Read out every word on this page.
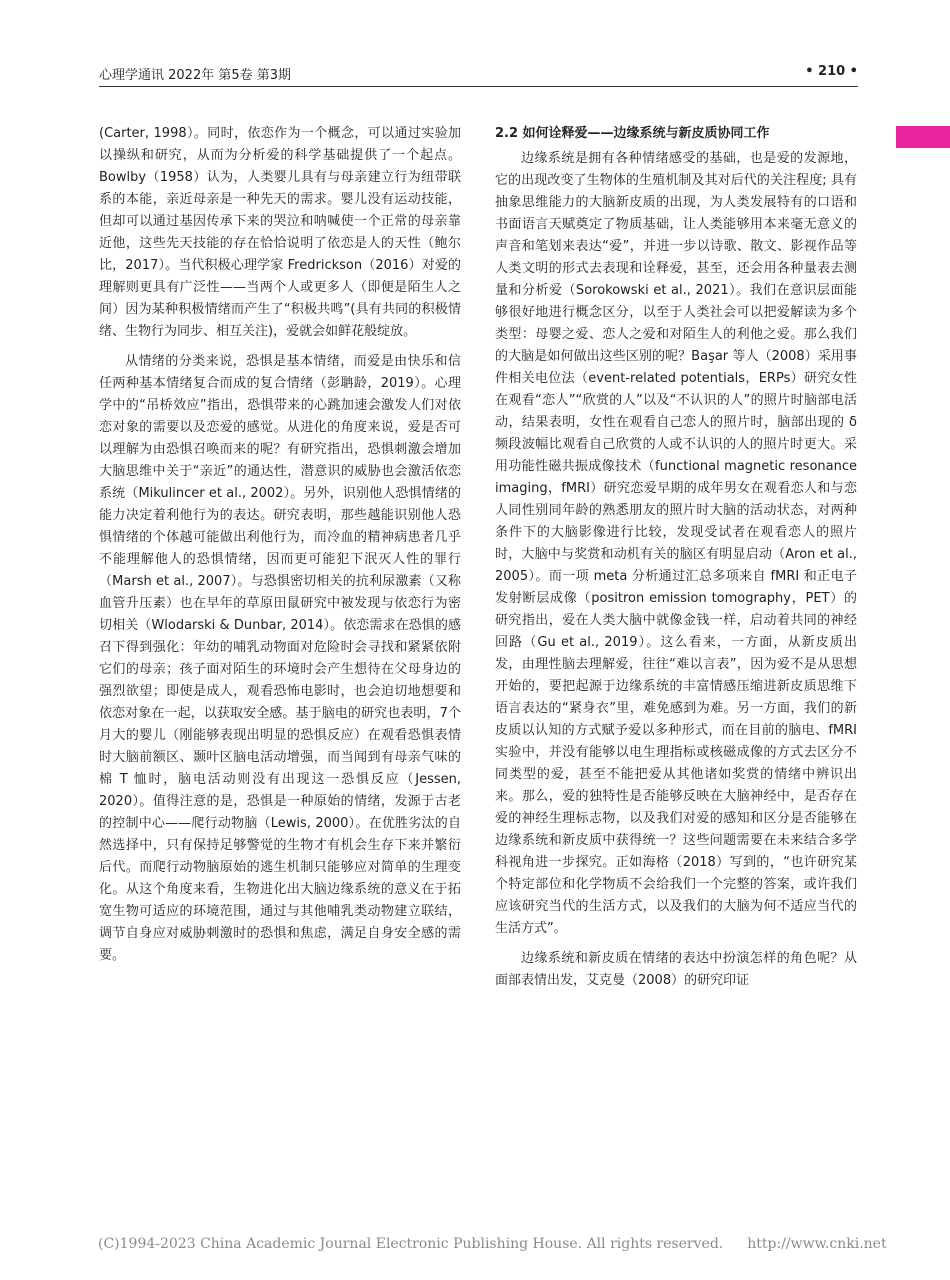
心理学通讯 2022年 第5卷 第3期	• 210 •

(Carter, 1998）。同时，依恋作为一个概念，可以通过实验加以操纵和研究，从而为分析爱的科学基础提供了一个起点。Bowlby（1958）认为，人类婴儿具有与母亲建立行为纽带联系的本能，亲近母亲是一种先天的需求。婴儿没有运动技能，但却可以通过基因传承下来的哭泣和呐喊使一个正常的母亲靠近他，这些先天技能的存在恰恰说明了依恋是人的天性（鲍尔比，2017）。当代积极心理学家 Fredrickson（2016）对爱的理解则更具有广泛性——当两个人或更多人（即便是陌生人之间）因为某种积极情绪而产生了“积极共鸣”(具有共同的积极情绪、生物行为同步、相互关注)，爱就会如鲜花般绽放。

从情绪的分类来说，恐惧是基本情绪，而爱是由快乐和信任两种基本情绪复合而成的复合情绪（彭聃龄，2019）。心理学中的“吊桥效应”指出，恐惧带来的心跳加速会激发人们对依恋对象的需要以及恋爱的感觉。从进化的角度来说，爱是否可以理解为由恐惧召唤而来的呢？有研究指出，恐惧刺激会增加大脑思维中关于“亲近”的通达性，潜意识的威胁也会激活依恋系统（Mikulincer et al., 2002）。另外，识别他人恐惧情绪的能力决定着利他行为的表达。研究表明，那些越能识别他人恐惧情绪的个体越可能做出利他行为，而冷血的精神病患者几乎不能理解他人的恐惧情绪，因而更可能犯下泯灭人性的罪行（Marsh et al., 2007）。与恐惧密切相关的抗利尿激素（又称血管升压素）也在早年的草原田鼠研究中被发现与依恋行为密切相关（Wlodarski & Dunbar, 2014）。依恋需求在恐惧的感召下得到强化：年幼的哺乳动物面对危险时会寻找和紧紧依附它们的母亲；孩子面对陌生的环境时会产生想待在父母身边的强烈欲望；即使是成人，观看恐怖电影时，也会迫切地想要和依恋对象在一起，以获取安全感。基于脑电的研究也表明，7个月大的婴儿（刚能够表现出明显的恐惧反应）在观看恐惧表情时大脑前额区、颞叶区脑电活动增强，而当闻到有母亲气味的棉 T 恤时，脑电活动则没有出现这一恐惧反应（Jessen, 2020）。值得注意的是，恐惧是一种原始的情绪，发源于古老的控制中心——爬行动物脑（Lewis, 2000）。在优胜劣汰的自然选择中，只有保持足够警觉的生物才有机会生存下来并繁衍后代。而爬行动物脑原始的逃生机制只能够应对简单的生理变化。从这个角度来看，生物进化出大脑边缘系统的意义在于拓宽生物可适应的环境范围，通过与其他哺乳类动物建立联结，调节自身应对威胁刺激时的恐惧和焦虑，满足自身安全感的需要。

2.2 如何诠释爱——边缘系统与新皮质协同工作

边缘系统是拥有各种情绪感受的基础，也是爱的发源地，它的出现改变了生物体的生殖机制及其对后代的关注程度; 具有抽象思维能力的大脑新皮质的出现，为人类发展特有的口语和书面语言天赋奠定了物质基础，让人类能够用本来毫无意义的声音和笔划来表达“爱”，并进一步以诗歌、散文、影视作品等人类文明的形式去表现和诠释爱，甚至，还会用各种量表去测量和分析爱（Sorokowski et al., 2021）。我们在意识层面能够很好地进行概念区分，以至于人类社会可以把爱解读为多个类型：母婴之爱、恋人之爱和对陌生人的利他之爱。那么我们的大脑是如何做出这些区别的呢？Başar 等人（2008）采用事件相关电位法（event-related potentials，ERPs）研究女性在观看“恋人”“欣赏的人”以及“不认识的人”的照片时脑部电活动，结果表明，女性在观看自己恋人的照片时，脑部出现的 δ 频段波幅比观看自己欣赏的人或不认识的人的照片时更大。采用功能性磁共振成像技术（functional magnetic resonance imaging，fMRI）研究恋爱早期的成年男女在观看恋人和与恋人同性别同年龄的熟悉朋友的照片时大脑的活动状态，对两种条件下的大脑影像进行比较，发现受试者在观看恋人的照片时，大脑中与奖赏和动机有关的脑区有明显启动（Aron et al., 2005）。而一项 meta 分析通过汇总多项来自 fMRI 和正电子发射断层成像（positron emission tomography，PET）的研究指出，爱在人类大脑中就像金钱一样，启动着共同的神经回路（Gu et al., 2019）。这么看来，一方面，从新皮质出发，由理性脑去理解爱，往往“难以言表”，因为爱不是从思想开始的，要把起源于边缘系统的丰富情感压缩进新皮质思维下语言表达的“紧身衣”里，难免感到为难。另一方面，我们的新皮质以认知的方式赋予爱以多种形式，而在目前的脑电、fMRI 实验中，并没有能够以电生理指标或核磁成像的方式去区分不同类型的爱，甚至不能把爱从其他诸如奖赏的情绪中辨识出来。那么，爱的独特性是否能够反映在大脑神经中，是否存在爱的神经生理标志物，以及我们对爱的感知和区分是否能够在边缘系统和新皮质中获得统一？这些问题需要在未来结合多学科视角进一步探究。正如海格（2018）写到的，“也许研究某个特定部位和化学物质不会给我们一个完整的答案，或许我们应该研究当代的生活方式，以及我们的大脑为何不适应当代的生活方式”。

边缘系统和新皮质在情绪的表达中扮演怎样的角色呢？从面部表情出发，艾克曼（2008）的研究印证

(C)1994-2023 China Academic Journal Electronic Publishing House. All rights reserved. http://www.cnki.net
